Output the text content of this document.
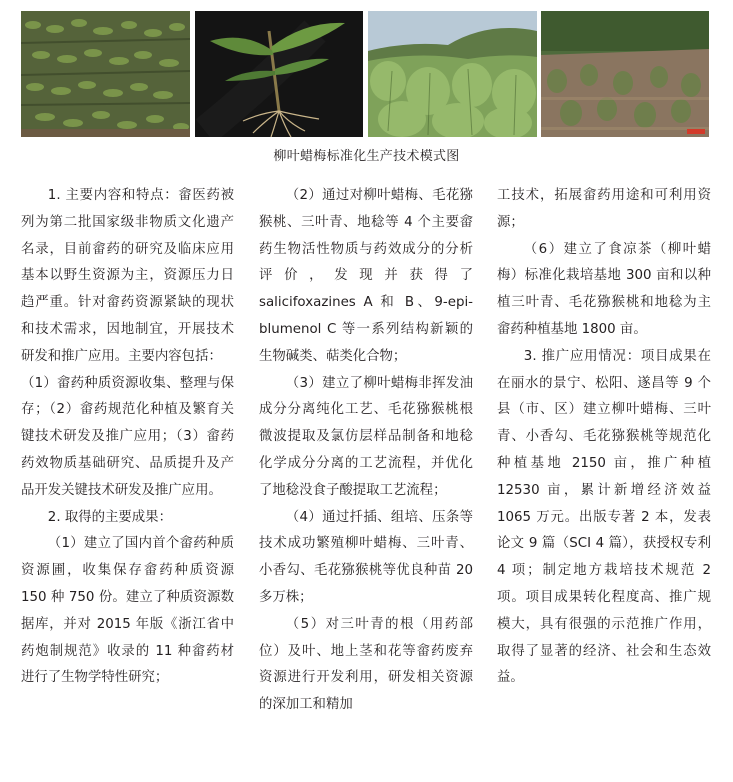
柳叶蜡梅标准化生产技术模式图

1. 主要内容和特点：畲医药被列为第二批国家级非物质文化遗产名录，目前畲药的研究及临床应用基本以野生资源为主，资源压力日趋严重。针对畲药资源紧缺的现状和技术需求，因地制宜，开展技术研发和推广应用。主要内容包括：

（1）畲药种质资源收集、整理与保存；（2）畲药规范化种植及繁育关键技术研发及推广应用；（3）畲药药效物质基础研究、品质提升及产品开发关键技术研发及推广应用。

2. 取得的主要成果：

（1）建立了国内首个畲药种质资源圃，收集保存畲药种质资源 150 种 750 份。建立了种质资源数据库，并对 2015 年版《浙江省中药炮制规范》收录的 11 种畲药材进行了生物学特性研究；

（2）通过对柳叶蜡梅、毛花猕猴桃、三叶青、地稔等 4 个主要畲药生物活性物质与药效成分的分析评价，发现并获得了 salicifoxazines A 和 B、9-epi-blumenol C 等一系列结构新颖的生物碱类、萜类化合物；

（3）建立了柳叶蜡梅非挥发油成分分离纯化工艺、毛花猕猴桃根微波提取及氯仿层样品制备和地稔化学成分分离的工艺流程，并优化了地稔没食子酸提取工艺流程；

（4）通过扦插、组培、压条等技术成功繁殖柳叶蜡梅、三叶青、小香勾、毛花猕猴桃等优良种苗 20 多万株；

（5）对三叶青的根（用药部位）及叶、地上茎和花等畲药废弃资源进行开发利用，研发相关资源的深加工和精加

工技术，拓展畲药用途和可利用资源；

（6）建立了食凉茶（柳叶蜡梅）标准化栽培基地 300 亩和以种植三叶青、毛花猕猴桃和地稔为主畲药种植基地 1800 亩。

3. 推广应用情况：项目成果在在丽水的景宁、松阳、遂昌等 9 个县（市、区）建立柳叶蜡梅、三叶青、小香勾、毛花猕猴桃等规范化种植基地 2150 亩，推广种植 12530 亩，累计新增经济效益 1065 万元。出版专著 2 本，发表论文 9 篇（SCI 4 篇），获授权专利 4 项；制定地方栽培技术规范 2 项。项目成果转化程度高、推广规模大，具有很强的示范推广作用，取得了显著的经济、社会和生态效益。
